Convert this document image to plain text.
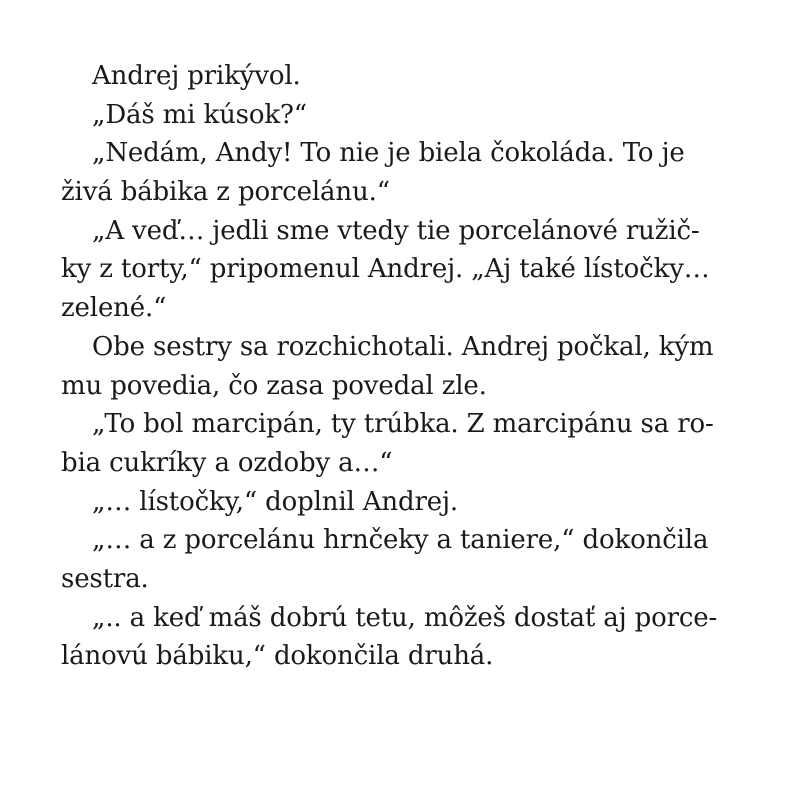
Andrej prikývol.
„Dáš mi kúsok?“
„Nedám, Andy! To nie je biela čokoláda. To je
živá bábika z porcelánu.“
„A veď… jedli sme vtedy tie porcelánové ružič-
ky z torty,“ pripomenul Andrej. „Aj také lístočky…
zelené.“
Obe sestry sa rozchichotali. Andrej počkal, kým
mu povedia, čo zasa povedal zle.
„To bol marcipán, ty trúbka. Z marcipánu sa ro-
bia cukríky a ozdoby a…“
„… lístočky,“ doplnil Andrej.
„… a z porcelánu hrnčeky a taniere,“ dokončila
sestra.
„.. a keď máš dobrú tetu, môžeš dostať aj porce-
lánovú bábiku,“ dokončila druhá.
